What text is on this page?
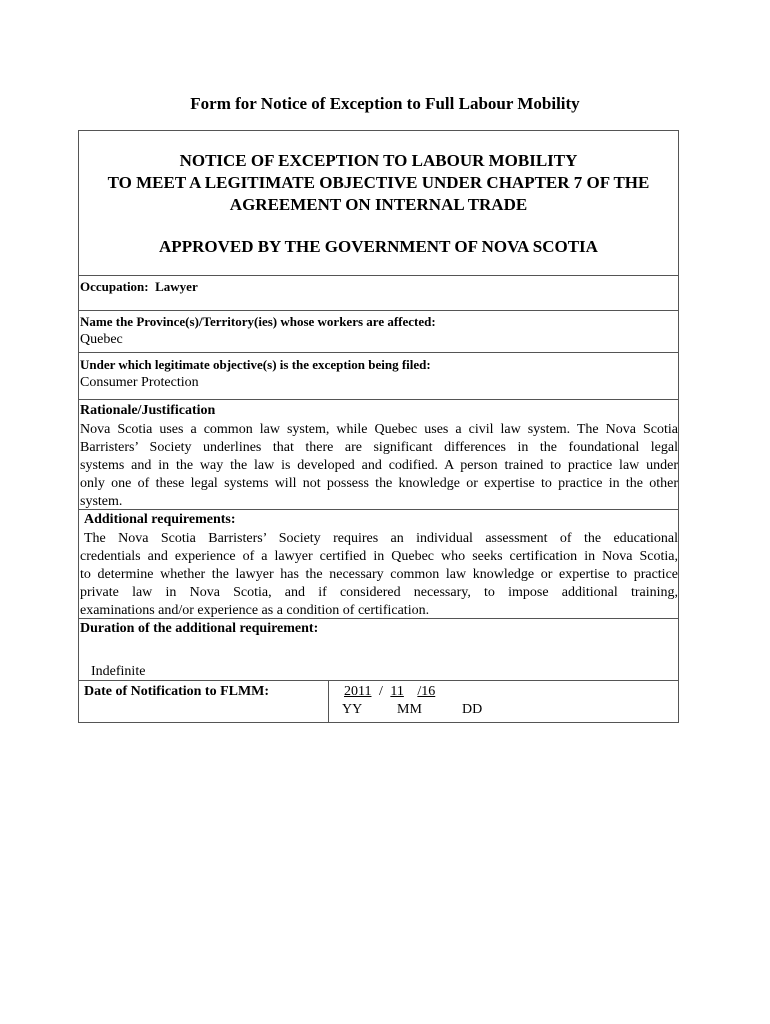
Form for Notice of Exception to Full Labour Mobility
NOTICE OF EXCEPTION TO LABOUR MOBILITY
TO MEET A LEGITIMATE OBJECTIVE UNDER CHAPTER 7 OF THE
AGREEMENT ON INTERNAL TRADE
APPROVED BY THE GOVERNMENT OF NOVA SCOTIA
Occupation: Lawyer
Name the Province(s)/Territory(ies) whose workers are affected:
Quebec
Under which legitimate objective(s) is the exception being filed:
Consumer Protection
Rationale/Justification
Nova Scotia uses a common law system, while Quebec uses a civil law system. The Nova Scotia
Barristers’ Society underlines that there are significant differences in the foundational legal
systems and in the way the law is developed and codified. A person trained to practice law under
only one of these legal systems will not possess the knowledge or expertise to practice in the other
system.
Additional requirements:
The Nova Scotia Barristers’ Society requires an individual assessment of the educational
credentials and experience of a lawyer certified in Quebec who seeks certification in Nova Scotia,
to determine whether the lawyer has the necessary common law knowledge or expertise to practice
private law in Nova Scotia, and if considered necessary, to impose additional training,
examinations and/or experience as a condition of certification.
Duration of the additional requirement:
Indefinite
Date of Notification to FLMM:	2011 / 11 /16
YY MM	DD
